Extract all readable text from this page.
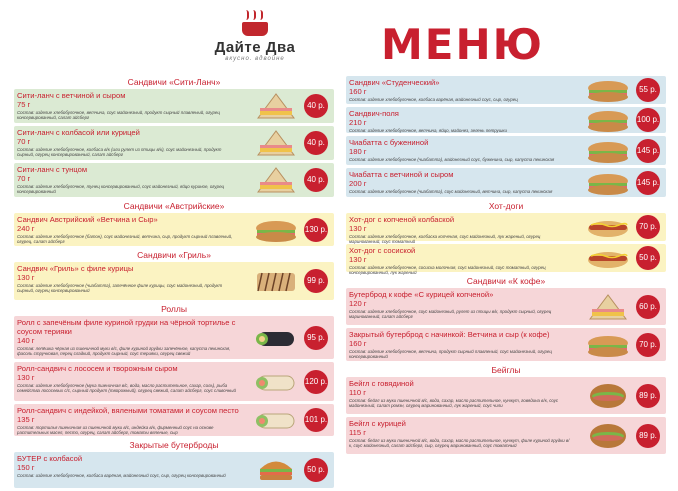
Дайте Два
вкусно. вдвойне	МЕНЮ
Сандвичи «Сити-Ланч»
Сити-ланч с ветчиной и сыром
75 г
Состав: изделие хлебобулочное, ветчина, соус майонезный, продукт сырный плавленый, огурец консервированный, салат айсберг
40 р.
Сити-ланч с колбасой или курицей
70 г
Состав: изделие хлебобулочное, колбаса в/к (или рулет из птицы в/к), соус майонезный, продукт сырный, огурец консервированный, салат айсберг
40 р.
Сити-ланч с тунцом
70 г
Состав: изделие хлебобулочное, тунец консервированный, соус майонезный, яйцо куриное, огурец консервированный
40 р.
Сандвичи «Австрийские»
Сандвич Австрийский «Ветчина и Сыр»
240 г
Состав: изделие хлебобулочное (батон), соус майонезный, ветчина, сыр, продукт сырный плавленый, огурец, салат айсберг
130 р.
Сандвичи «Гриль»
Сандвич «Гриль» с филе курицы
130 г
Состав: изделие хлебобулочное (чиабатта), запечённое филе курицы, соус майонезный, продукт сырный, огурец консервированный
99 р.
Роллы
Ролл с запечёным филе куриной грудки на чёрной тортилье с соусом терияки
140 г
Состав: лепёшка чёрная из пшеничной муки в/с, филе куриной грудки запечённое, капуста пекинская, фасоль стручковая, перец сладкий, продукт сырный, соус терияки, огурец свежий
95 р.
Ролл-сандвич с лососем и творожным сыром
130 г
Состав: изделие хлебобулочное (мука пшеничная в/с, вода, масло растительное, сахар, соль), рыба семейства лососевых с/с, сырный продукт (творожный), огурец свежий, салат айсберг, соус сливочный
120 р.
Ролл-сандвич с индейкой, вялеными томатами и соусом песто
135 г
Состав: тортилья пшеничная из пшеничной муки в/с, индейка в/к, фирменный соус на основе растительных масел, песто, огурец, салат айсберг, томаты вяленые, сыр
101 р.
Закрытые бутерброды
БУТЕР с колбасой
150 г
Состав: изделие хлебобулочное, колбаса варёная, майонезный соус, сыр, огурец консервированный
50 р.
Сандвич «Студенческий»
160 г
Состав: изделие хлебобулочное, колбаса варёная, майонезный соус, сыр, огурец
55 р.
Сандвич-поля
210 г
Состав: изделие хлебобулочное, ветчина, яйцо, майонез, зелень петрушки
100 р.
Чиабатта с бужениной
180 г
Состав: изделие хлебобулочное (чиабатта), майонезный соус, буженина, сыр, капуста пекинская
145 р.
Чиабатта с ветчиной и сыром
200 г
Состав: изделие хлебобулочное (чиабатта), соус майонезный, ветчина, сыр, капуста пекинская
145 р.
Хот-доги
Хот-дог с копченой колбаской
130 г
Состав: изделие хлебобулочное, колбаска копченая, соус майонезный, лук жареный, огурец маринованный, соус томатный
70 р.
Хот-дог с сосиской
130 г
Состав: изделие хлебобулочное, сосиска молочная, соус майонезный, соус томатный, огурец консервированный, лук жареный
50 р.
Сандвичи «К кофе»
Бутерброд к кофе «С курицей копченой»
120 г
Состав: изделие хлебобулочное, соус майонезный, рулет из птицы в/к, продукт сырный, огурец маринованный, салат айсберг
60 р.
Закрытый бутерброд с начинкой: Ветчина и сыр (к кофе)
160 г
Состав: изделие хлебобулочное, ветчина, продукт сырный плавленый, соус майонезный, огурец консервированный
70 р.
Бейглы
Бейгл с говядиной
110 г
Состав: бейгл из муки пшеничной в/с, вода, сахар, масло растительное, кунжут, говядина в/к, соус майонезный, салат ромэн, огурец маринованный, лук жареный, соус чили
89 р.
Бейгл с курицей
115 г
Состав: бейгл из муки пшеничной в/с, вода, сахар, масло растительное, кунжут, филе куриной грудки в/к, соус майонезный, салат айсберг, сыр, огурец маринованный, соус томатный
89 р.
